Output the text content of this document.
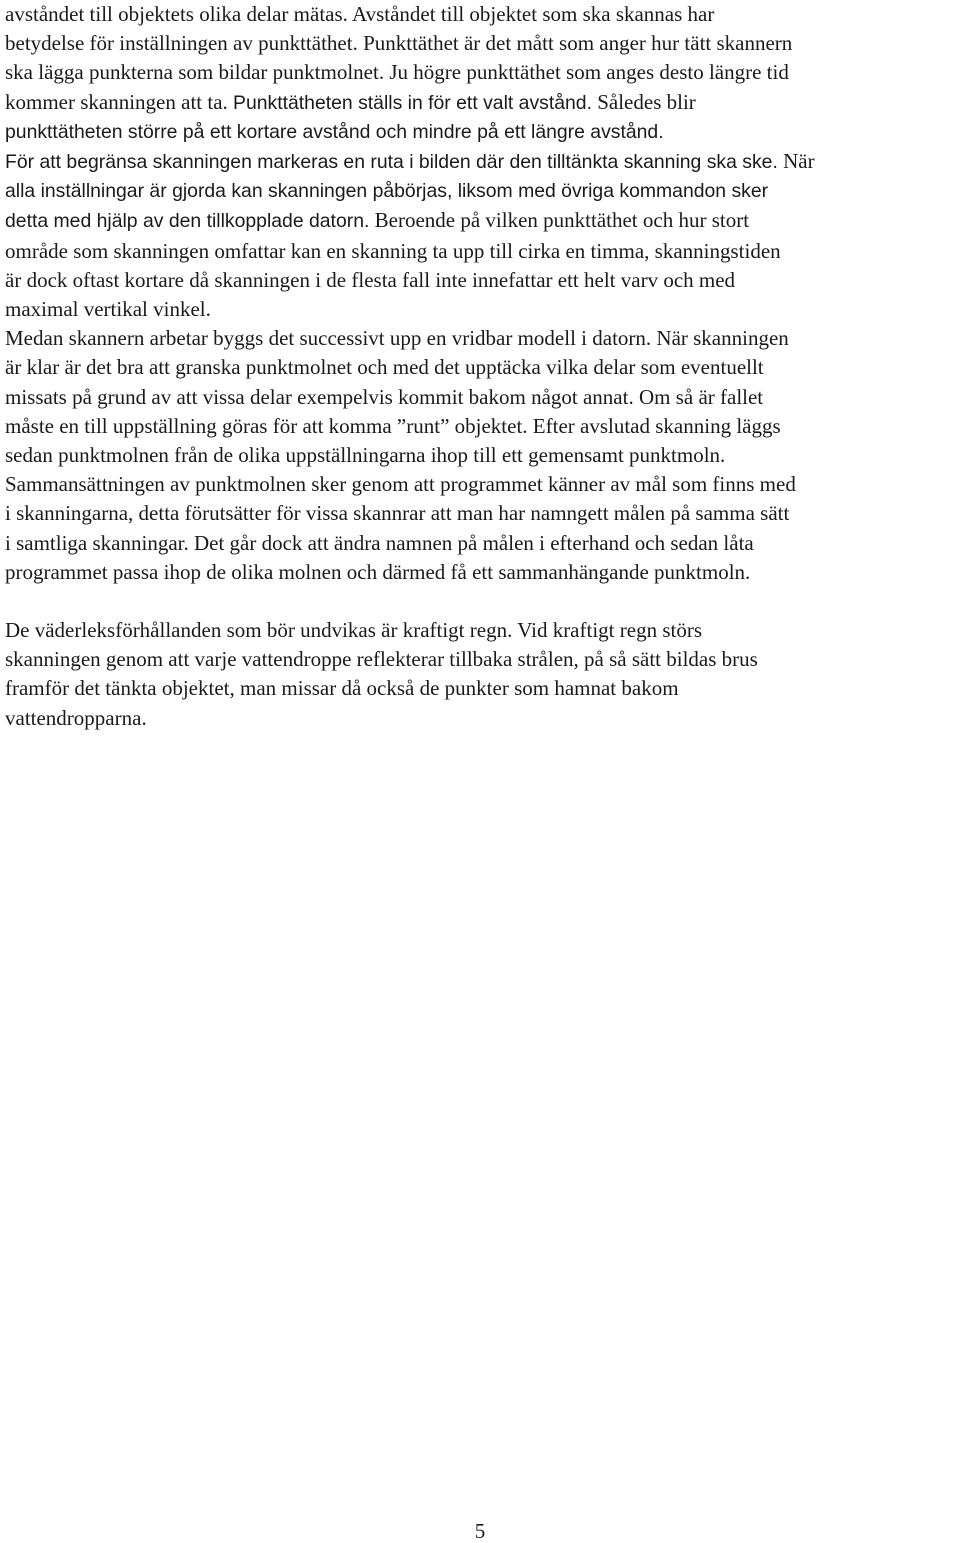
avståndet till objektets olika delar mätas. Avståndet till objektet som ska skannas har
betydelse för inställningen av punkttäthet. Punkttäthet är det mått som anger hur tätt skannern
ska lägga punkterna som bildar punktmolnet. Ju högre punkttäthet som anges desto längre tid
kommer skanningen att ta. Punkttätheten ställs in för ett valt avstånd. Således blir
punkttätheten större på ett kortare avstånd och mindre på ett längre avstånd.
För att begränsa skanningen markeras en ruta i bilden där den tilltänkta skanning ska ske. När
alla inställningar är gjorda kan skanningen påbörjas, liksom med övriga kommandon sker
detta med hjälp av den tillkopplade datorn. Beroende på vilken punkttäthet och hur stort
område som skanningen omfattar kan en skanning ta upp till cirka en timma, skanningstiden
är dock oftast kortare då skanningen i de flesta fall inte innefattar ett helt varv och med
maximal vertikal vinkel.
Medan skannern arbetar byggs det successivt upp en vridbar modell i datorn. När skanningen
är klar är det bra att granska punktmolnet och med det upptäcka vilka delar som eventuellt
missats på grund av att vissa delar exempelvis kommit bakom något annat. Om så är fallet
måste en till uppställning göras för att komma ”runt” objektet. Efter avslutad skanning läggs
sedan punktmolnen från de olika uppställningarna ihop till ett gemensamt punktmoln.
Sammansättningen av punktmolnen sker genom att programmet känner av mål som finns med
i skanningarna, detta förutsätter för vissa skannrar att man har namngett målen på samma sätt
i samtliga skanningar. Det går dock att ändra namnen på målen i efterhand och sedan låta
programmet passa ihop de olika molnen och därmed få ett sammanhängande punktmoln.
De väderleksförhållanden som bör undvikas är kraftigt regn. Vid kraftigt regn störs
skanningen genom att varje vattendroppe reflekterar tillbaka strålen, på så sätt bildas brus
framför det tänkta objektet, man missar då också de punkter som hamnat bakom
vattendropparna.
5
